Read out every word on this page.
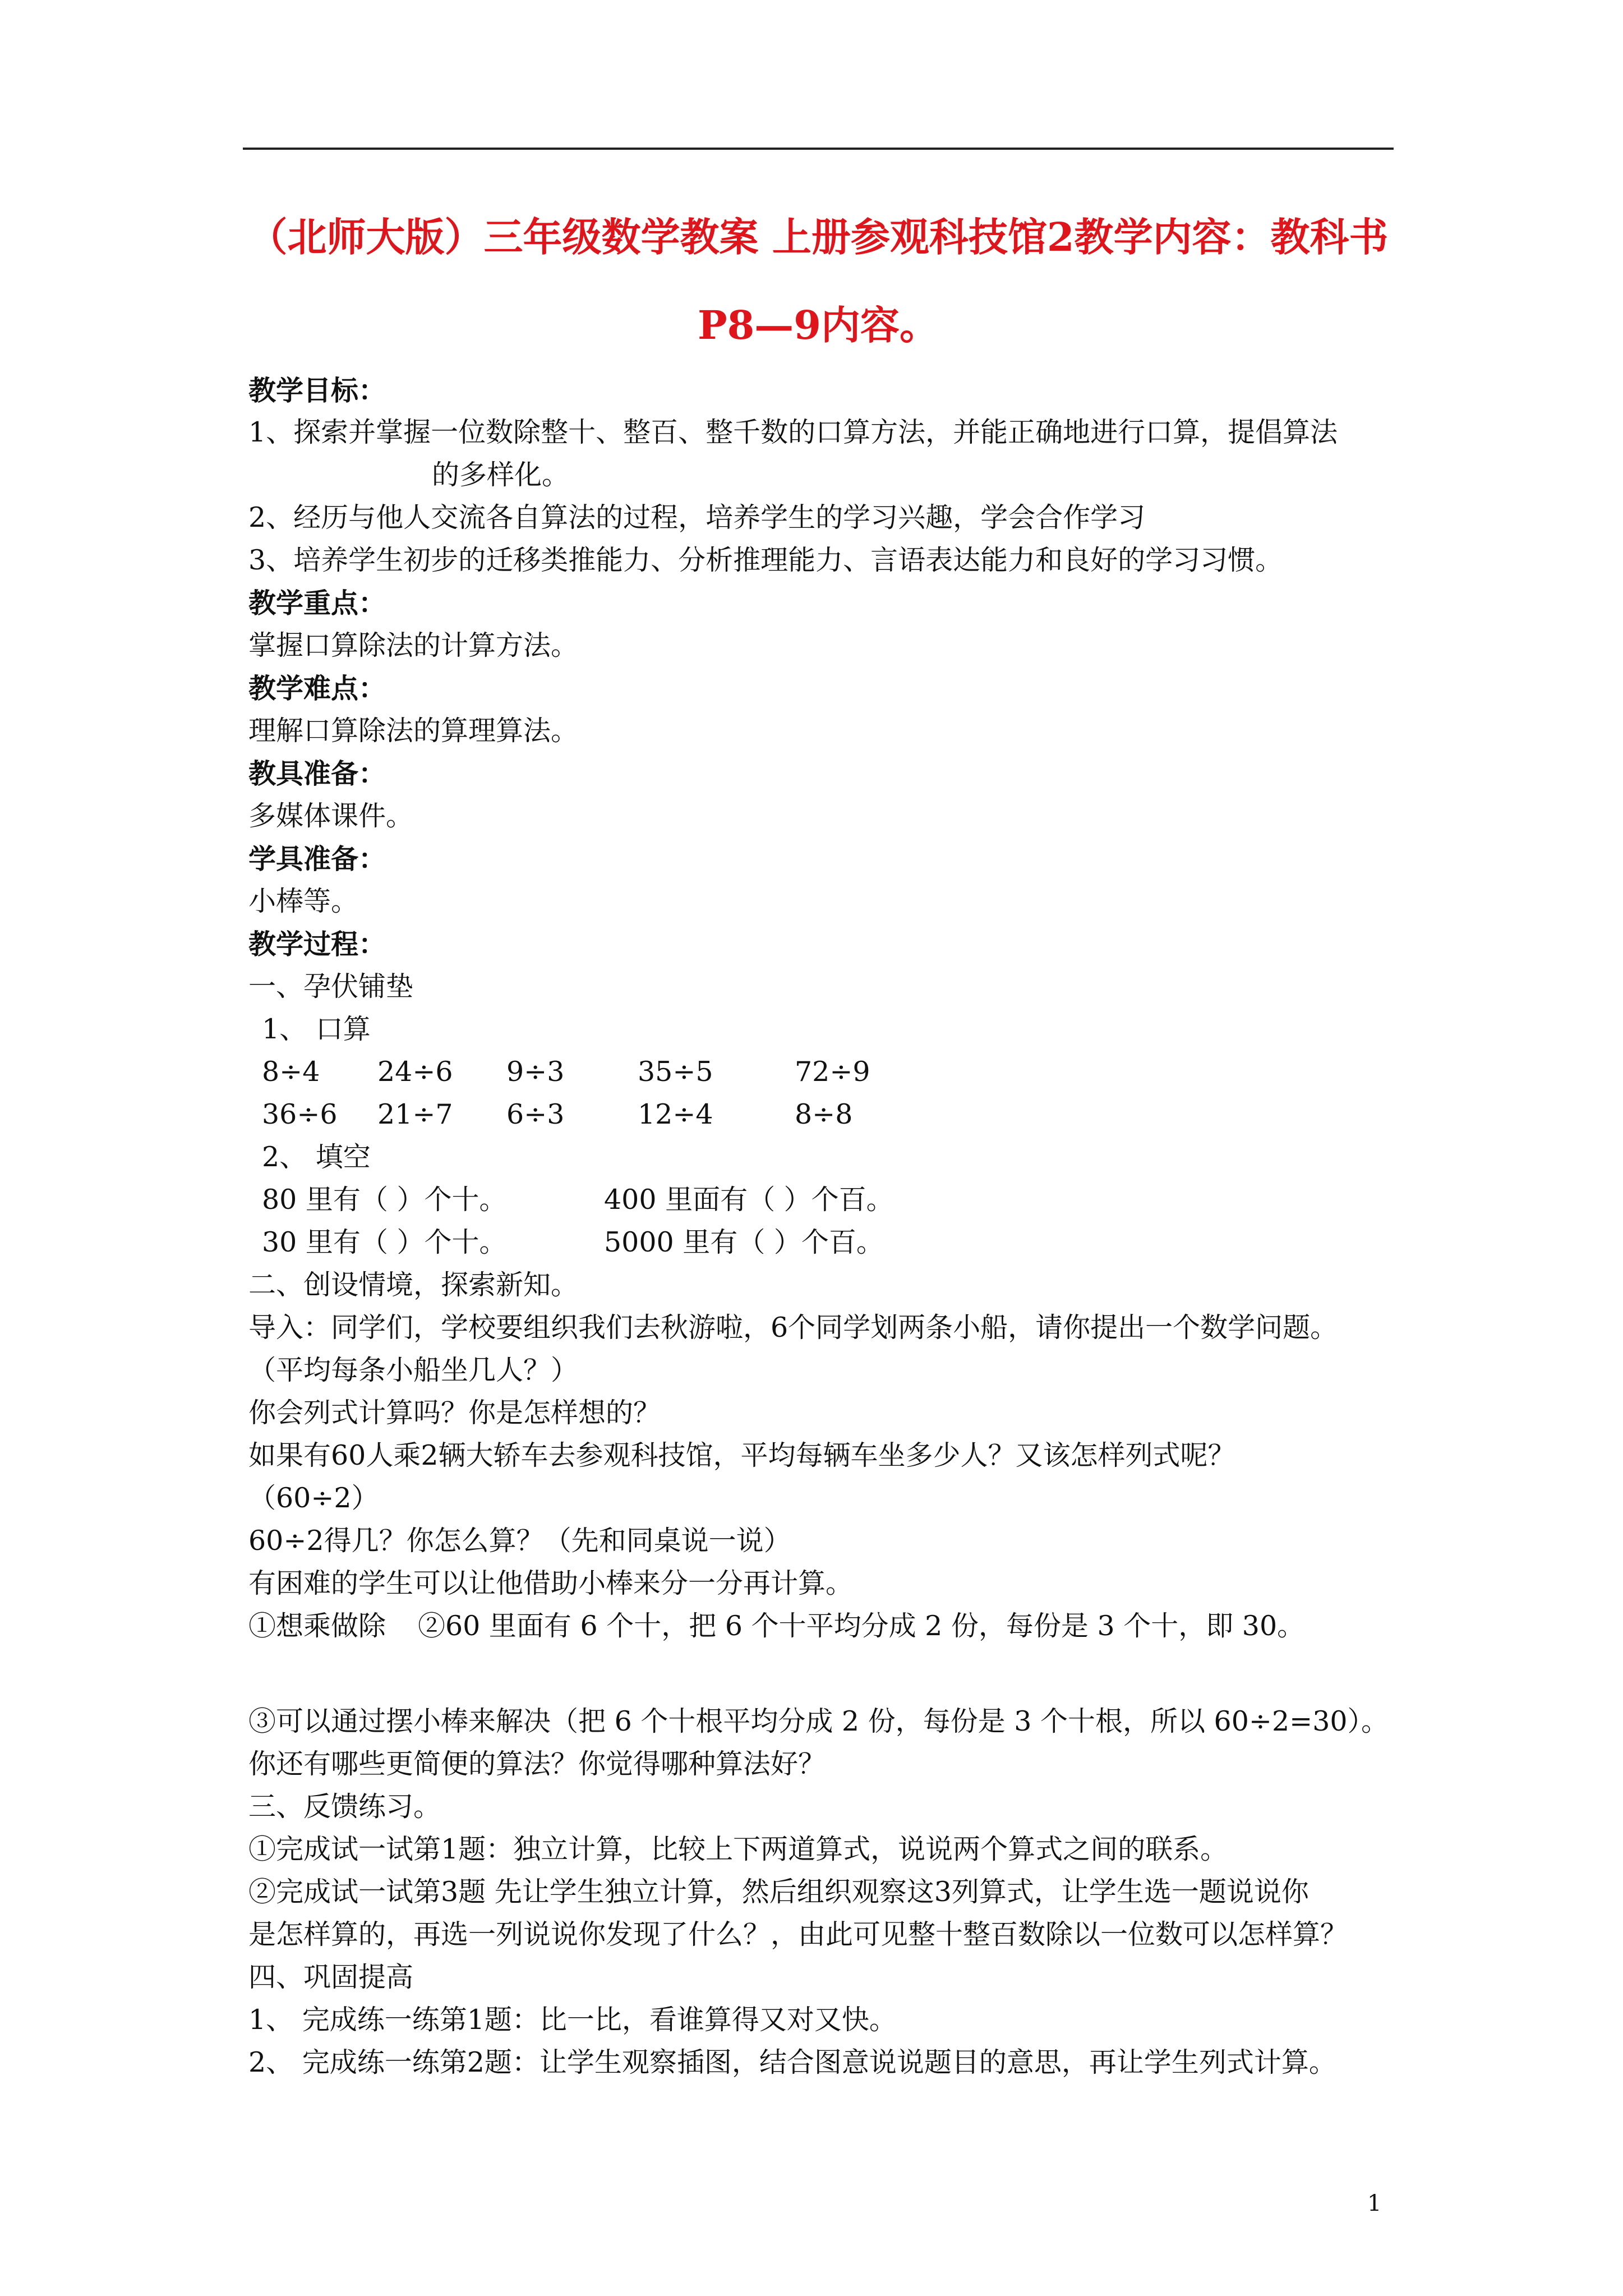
（北师大版）三年级数学教案 上册参观科技馆2教学内容：教科书
P8—9内容。
教学目标：
1、探索并掌握一位数除整十、整百、整千数的口算方法，并能正确地进行口算，提倡算法
的多样化。
2、经历与他人交流各自算法的过程，培养学生的学习兴趣，学会合作学习
3、培养学生初步的迁移类推能力、分析推理能力、言语表达能力和良好的学习习惯。
教学重点：
掌握口算除法的计算方法。
教学难点：
理解口算除法的算理算法。
教具准备：
多媒体课件。
学具准备：
小棒等。
教学过程：
一、孕伏铺垫
1、 口算
8÷4 24÷6 9÷3	35÷5	72÷9
36÷6 21÷7 6÷3	12÷4	8÷8
2、 填空
80 里有（ ）个十。	400 里面有（ ）个百。
30 里有（ ）个十。	5000 里有（ ）个百。
二、创设情境，探索新知。
导入：同学们，学校要组织我们去秋游啦，6个同学划两条小船，请你提出一个数学问题。
（平均每条小船坐几人？）
你会列式计算吗？你是怎样想的？
如果有60人乘2辆大轿车去参观科技馆，平均每辆车坐多少人？又该怎样列式呢？
（60÷2）
60÷2得几？你怎么算？（先和同桌说一说）
有困难的学生可以让他借助小棒来分一分再计算。
①想乘做除 ②60 里面有 6 个十，把 6 个十平均分成 2 份，每份是 3 个十，即 30。
③可以通过摆小棒来解决（把 6 个十根平均分成 2 份，每份是 3 个十根，所以 60÷2=30）。
你还有哪些更简便的算法？你觉得哪种算法好？
三、反馈练习。
①完成试一试第1题：独立计算，比较上下两道算式，说说两个算式之间的联系。
②完成试一试第3题 先让学生独立计算，然后组织观察这3列算式，让学生选一题说说你
是怎样算的，再选一列说说你发现了什么？，由此可见整十整百数除以一位数可以怎样算？
四、巩固提高
1、 完成练一练第1题：比一比，看谁算得又对又快。
2、 完成练一练第2题：让学生观察插图，结合图意说说题目的意思，再让学生列式计算。
1
